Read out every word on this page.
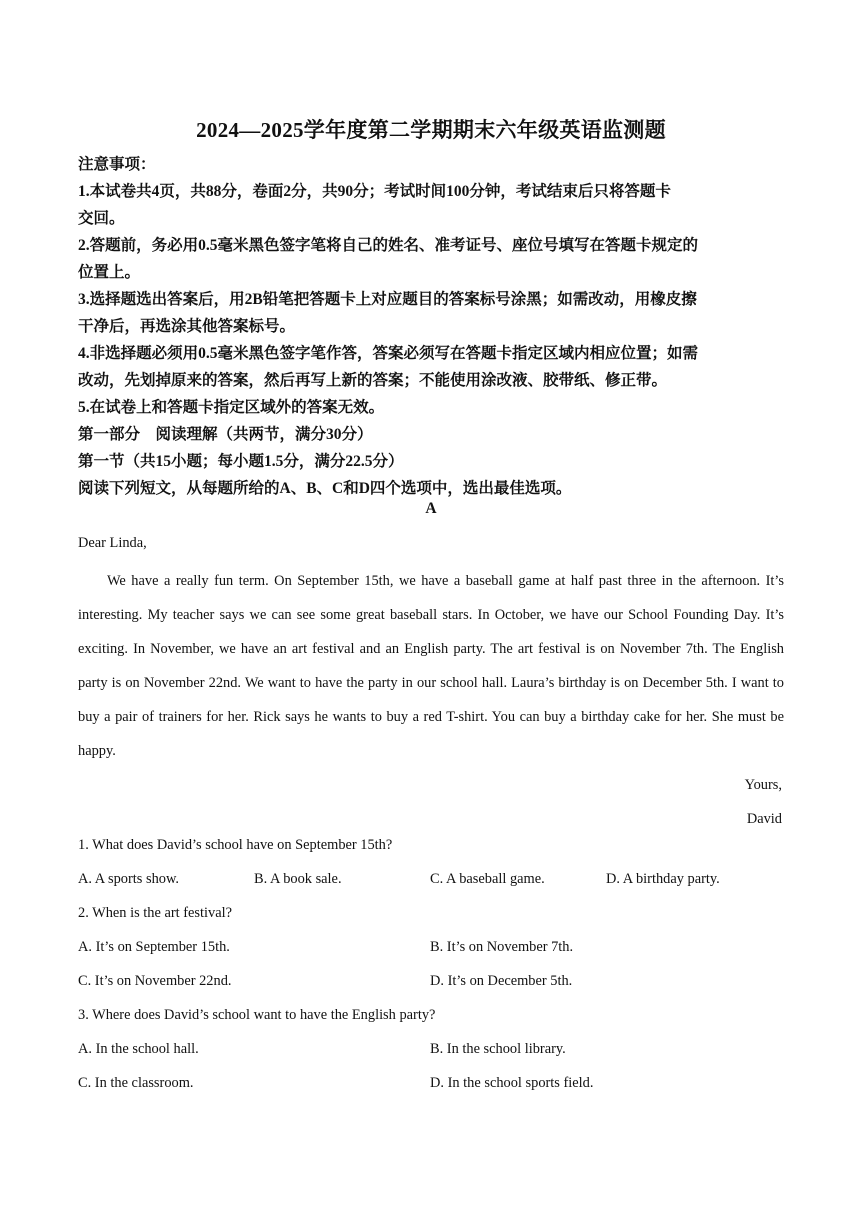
2024—2025学年度第二学期期末六年级英语监测题
注意事项：
1.本试卷共4页，共88分，卷面2分，共90分；考试时间100分钟，考试结束后只将答题卡
交回。
2.答题前，务必用0.5毫米黑色签字笔将自己的姓名、准考证号、座位号填写在答题卡规定的
位置上。
3.选择题选出答案后，用2B铅笔把答题卡上对应题目的答案标号涂黑；如需改动，用橡皮擦
干净后，再选涂其他答案标号。
4.非选择题必须用0.5毫米黑色签字笔作答，答案必须写在答题卡指定区域内相应位置；如需
改动，先划掉原来的答案，然后再写上新的答案；不能使用涂改液、胶带纸、修正带。
5.在试卷上和答题卡指定区域外的答案无效。
第一部分　阅读理解（共两节，满分30分）
第一节（共15小题；每小题1.5分，满分22.5分）
阅读下列短文，从每题所给的A、B、C和D四个选项中，选出最佳选项。
A
Dear Linda,
We have a really fun term. On September 15th, we have a baseball game at half past three in the afternoon. It’s interesting. My teacher says we can see some great baseball stars. In October, we have our School Founding Day. It’s exciting. In November, we have an art festival and an English party. The art festival is on November 7th. The English party is on November 22nd. We want to have the party in our school hall. Laura’s birthday is on December 5th. I want to buy a pair of trainers for her. Rick says he wants to buy a red T-shirt. You can buy a birthday cake for her. She must be happy.
Yours,
David
1. What does David’s school have on September 15th?
A. A sports show.	B. A book sale.	C. A baseball game.	D. A birthday party.
2. When is the art festival?
A. It’s on September 15th.	B. It’s on November 7th.
C. It’s on November 22nd.	D. It’s on December 5th.
3. Where does David’s school want to have the English party?
A. In the school hall.	B. In the school library.
C. In the classroom.	D. In the school sports field.
